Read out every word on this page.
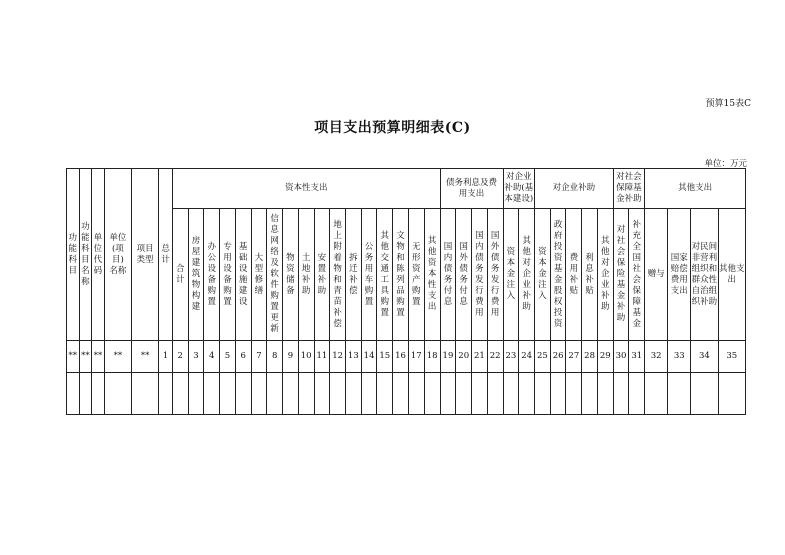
预算15表C
项目支出预算明细表(C)
单位：万元
功能科目	功能科目名称	单位代码	单位(项目)名称	项目类型	总计	资本性支出																	债务利息及费用支出				对企业补助(基本建设)		对企业补助					对社会保障基金补助		其他支出			
						合计	房屋建筑物构建	办公设备购置	专用设备购置	基础设施建设	大型修缮	信息网络及软件购置更新	物资储备	土地补助	安置补助	地上附着物和青苗补偿	拆迁补偿	公务用车购置	其他交通工具购置	文物和陈列品购置	无形资产购置	其他资本性支出	国内债务付息	国外债务付息	国内债务发行费用	国外债务发行费用	资本金注入	其他对企业补助	资本金注入	政府投资基金股权投资	费用补贴	利息补贴	其他对企业补助	对社会保险基金补助	补充全国社会保障基金	赠与	国家赔偿费用支出	对民间非营利组织和群众性自治组织补助	其他支出
**	**	**	**	**	1	2	3	4	5	6	7	8	9	10	11	12	13	14	15	16	17	18	19	20	21	22	23	24	25	26	27	28	29	30	31	32	33	34	35
